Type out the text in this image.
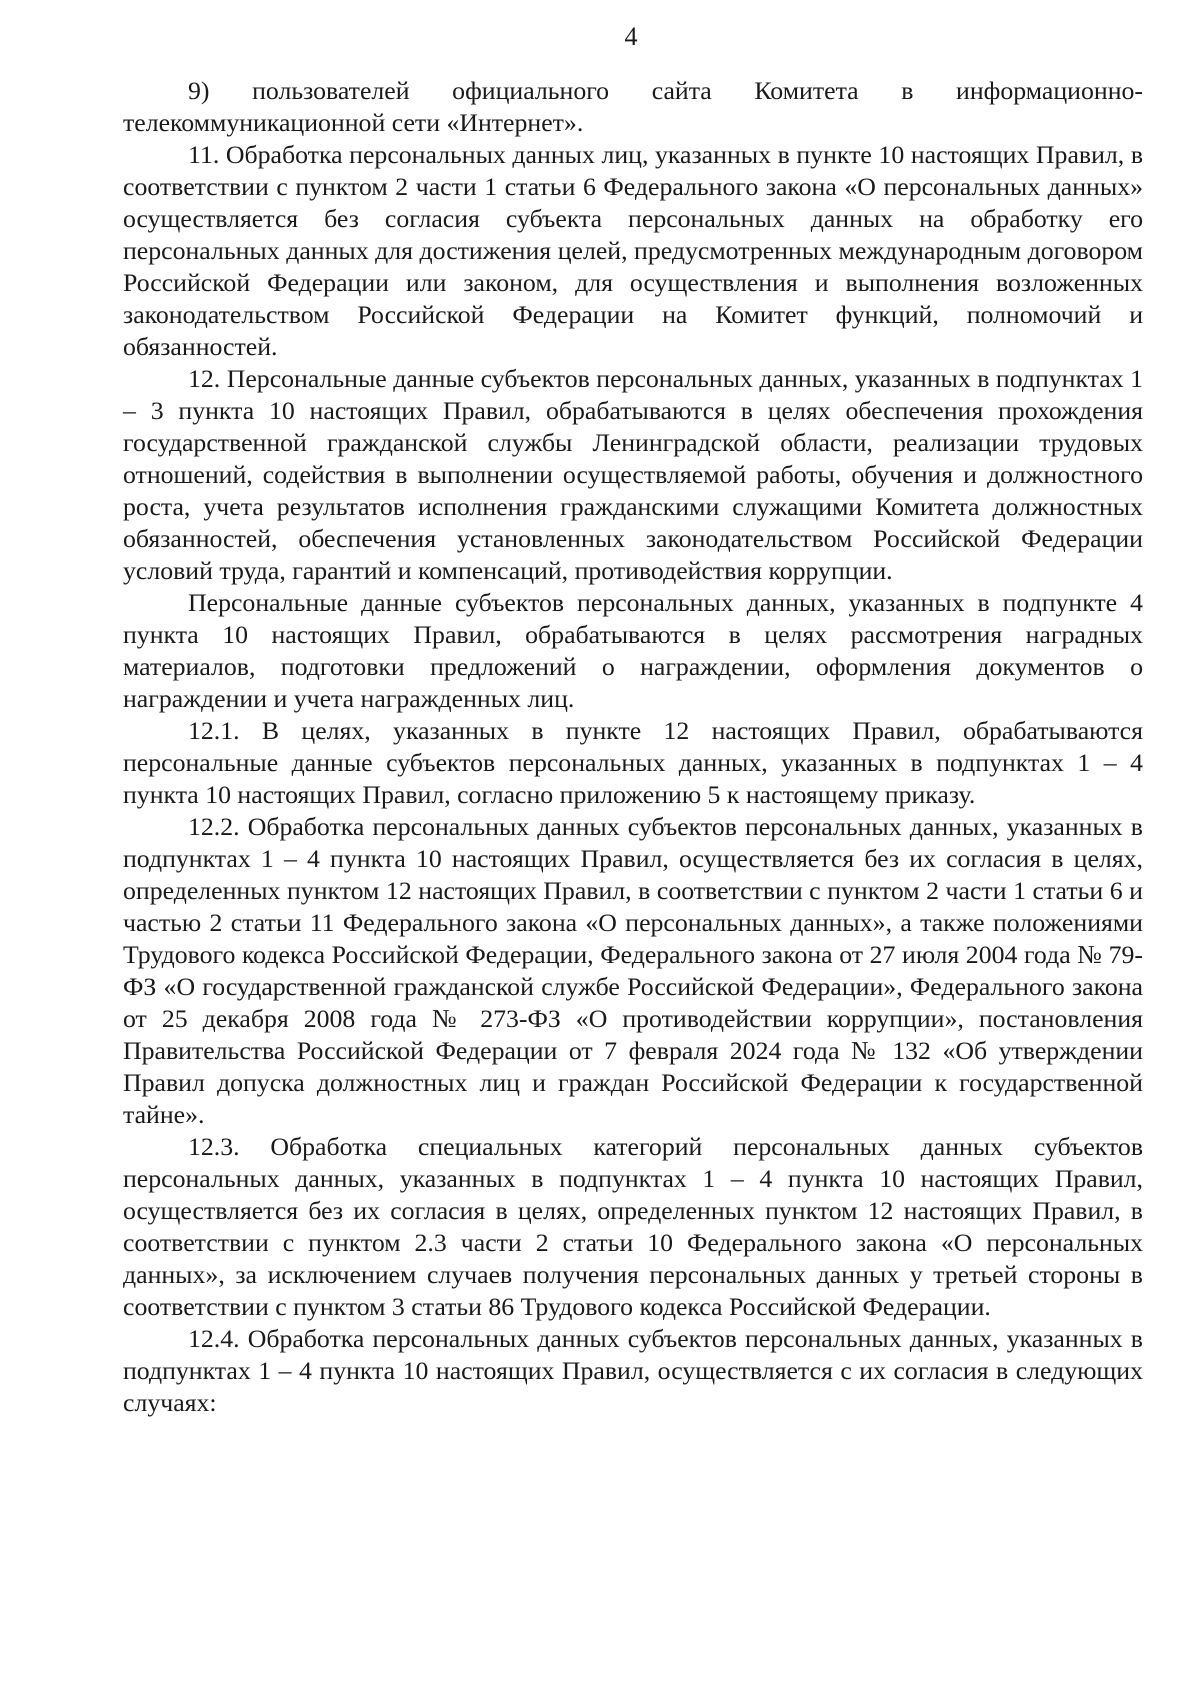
4

9) пользователей официального сайта Комитета в информационно-телекоммуникационной сети «Интернет».

11. Обработка персональных данных лиц, указанных в пункте 10 настоящих Правил, в соответствии с пунктом 2 части 1 статьи 6 Федерального закона «О персональных данных» осуществляется без согласия субъекта персональных данных на обработку его персональных данных для достижения целей, предусмотренных международным договором Российской Федерации или законом, для осуществления и выполнения возложенных законодательством Российской Федерации на Комитет функций, полномочий и обязанностей.

12. Персональные данные субъектов персональных данных, указанных в подпунктах 1 – 3 пункта 10 настоящих Правил, обрабатываются в целях обеспечения прохождения государственной гражданской службы Ленинградской области, реализации трудовых отношений, содействия в выполнении осуществляемой работы, обучения и должностного роста, учета результатов исполнения гражданскими служащими Комитета должностных обязанностей, обеспечения установленных законодательством Российской Федерации условий труда, гарантий и компенсаций, противодействия коррупции.

Персональные данные субъектов персональных данных, указанных в подпункте 4 пункта 10 настоящих Правил, обрабатываются в целях рассмотрения наградных материалов, подготовки предложений о награждении, оформления документов о награждении и учета награжденных лиц.

12.1. В целях, указанных в пункте 12 настоящих Правил, обрабатываются персональные данные субъектов персональных данных, указанных в подпунктах 1 – 4 пункта 10 настоящих Правил, согласно приложению 5 к настоящему приказу.

12.2. Обработка персональных данных субъектов персональных данных, указанных в подпунктах 1 – 4 пункта 10 настоящих Правил, осуществляется без их согласия в целях, определенных пунктом 12 настоящих Правил, в соответствии с пунктом 2 части 1 статьи 6 и частью 2 статьи 11 Федерального закона «О персональных данных», а также положениями Трудового кодекса Российской Федерации, Федерального закона от 27 июля 2004 года № 79-ФЗ «О государственной гражданской службе Российской Федерации», Федерального закона от 25 декабря 2008 года № 273-ФЗ «О противодействии коррупции», постановления Правительства Российской Федерации от 7 февраля 2024 года № 132 «Об утверждении Правил допуска должностных лиц и граждан Российской Федерации к государственной тайне».

12.3. Обработка специальных категорий персональных данных субъектов персональных данных, указанных в подпунктах 1 – 4 пункта 10 настоящих Правил, осуществляется без их согласия в целях, определенных пунктом 12 настоящих Правил, в соответствии с пунктом 2.3 части 2 статьи 10 Федерального закона «О персональных данных», за исключением случаев получения персональных данных у третьей стороны в соответствии с пунктом 3 статьи 86 Трудового кодекса Российской Федерации.

12.4. Обработка персональных данных субъектов персональных данных, указанных в подпунктах 1 – 4 пункта 10 настоящих Правил, осуществляется с их согласия в следующих случаях:
